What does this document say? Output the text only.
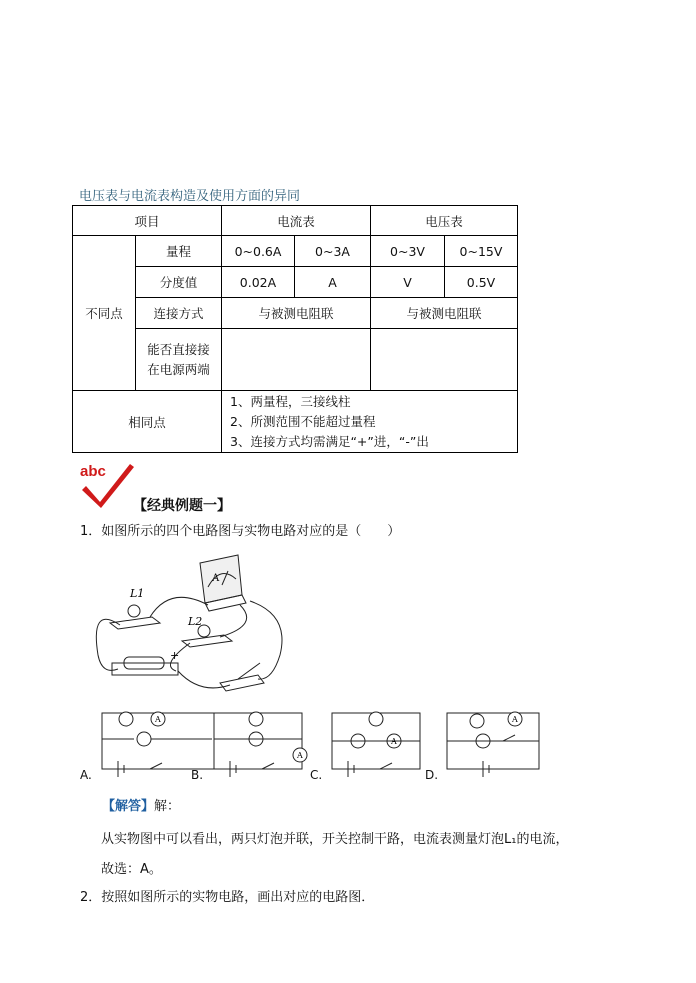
电压表与电流表构造及使用方面的异同
项目		电流表		电压表	
不同点	量程	0~0.6A	0~3A	0~3V	0~15V
	分度值	0.02A	A	V	0.5V
	连接方式	与被测电阻联		与被测电阻联	
	能否直接接在电源两端				
相同点		1、两量程，三接线柱
2、所测范围不能超过量程
3、连接方式均需满足“+”进，“-”出			
abc
【经典例题一】
1．如图所示的四个电路图与实物电路对应的是（　　）
A
L1
L2
+
A
A
A
A
A.	B.	C.	D.
【解答】解：
从实物图中可以看出，两只灯泡并联，开关控制干路，电流表测量灯泡L₁的电流，
故选：A。
2．按照如图所示的实物电路，画出对应的电路图．
